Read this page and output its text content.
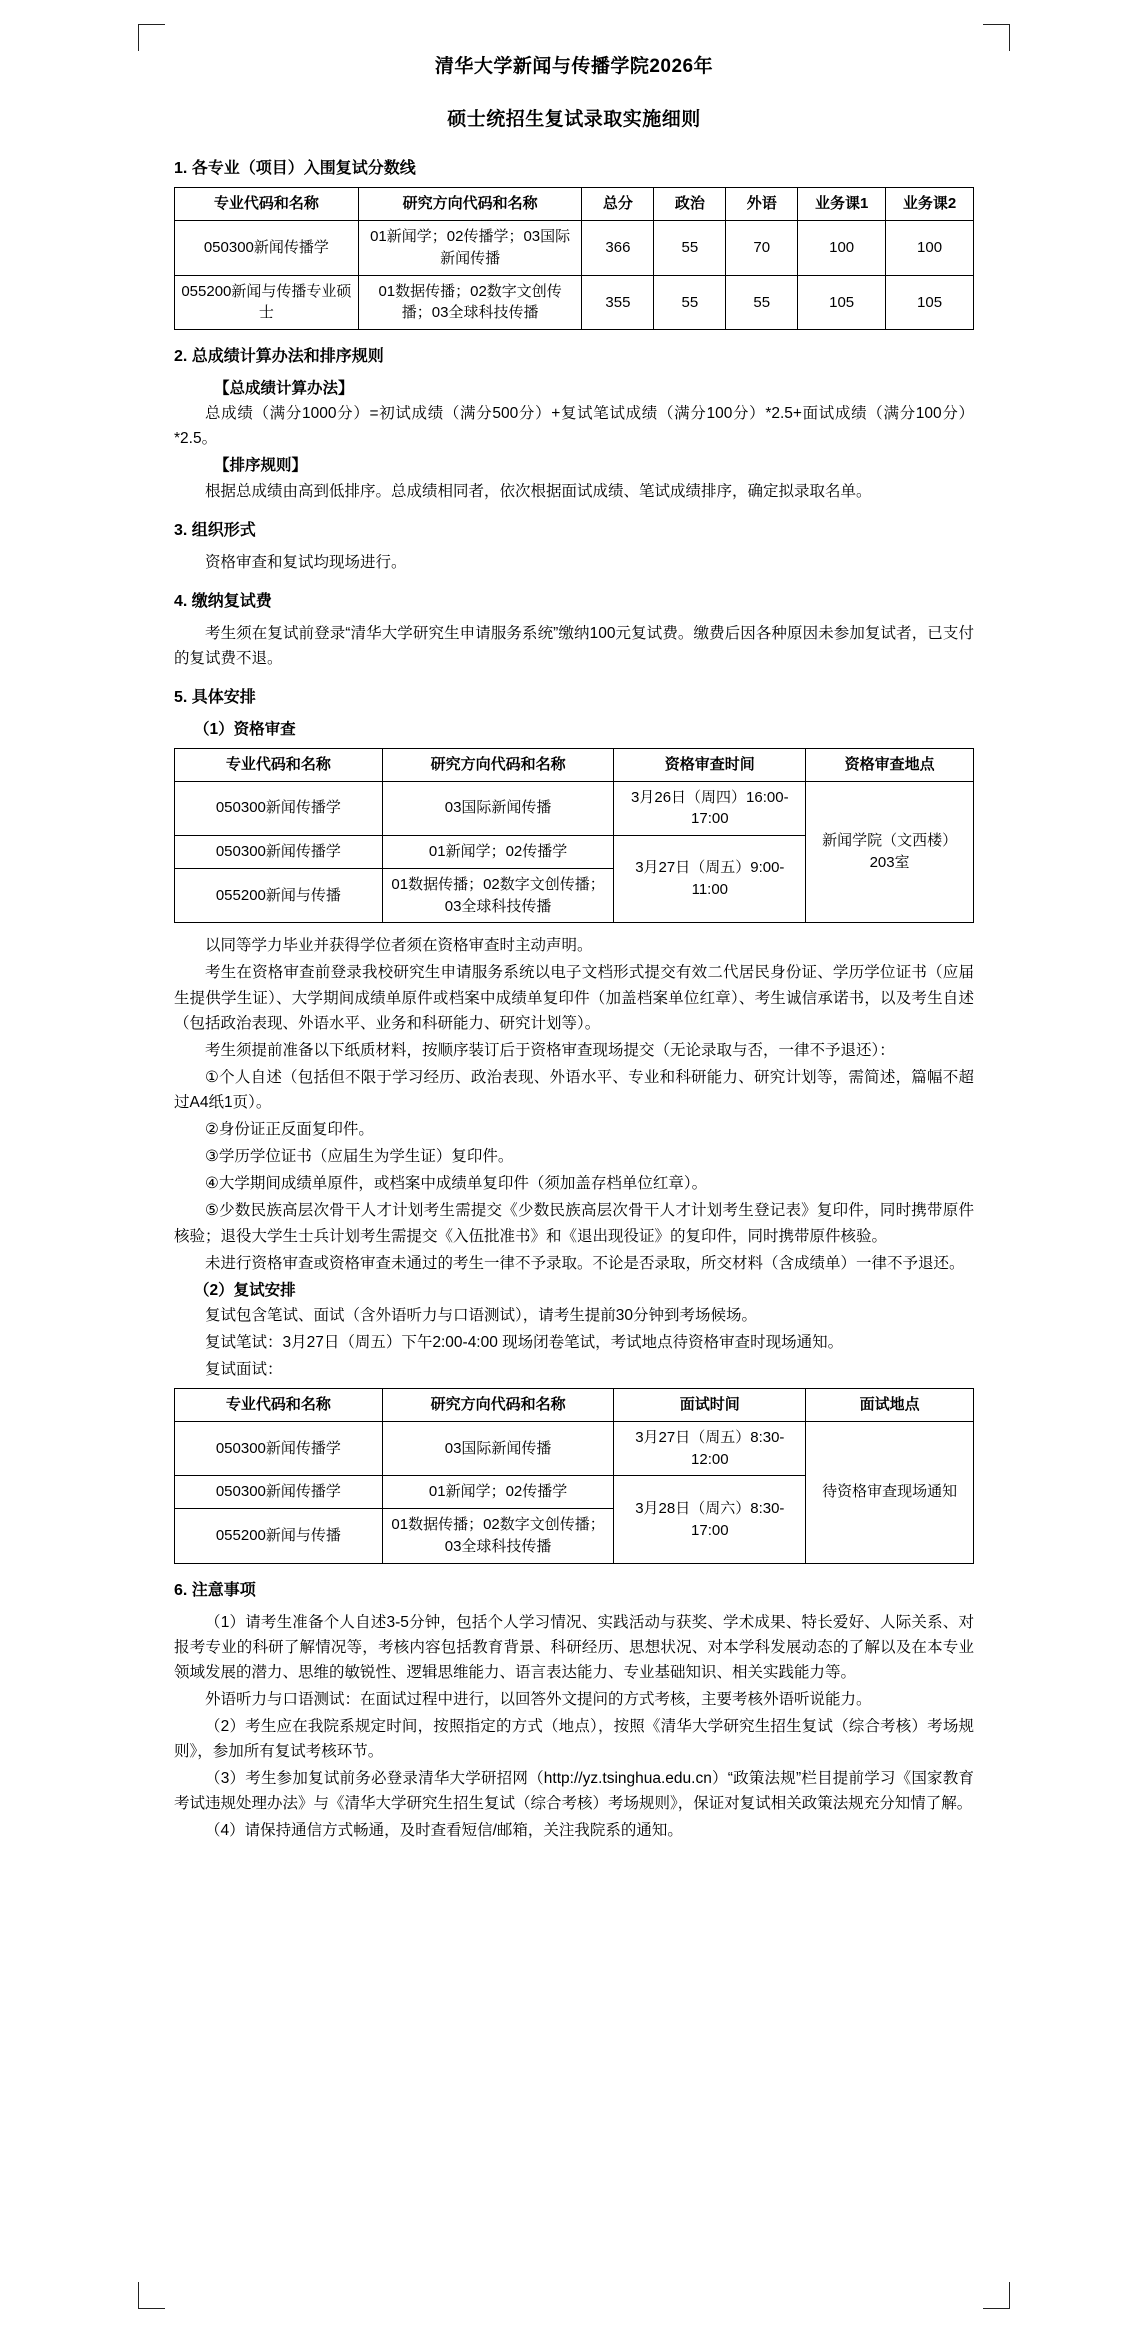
清华大学新闻与传播学院2026年
硕士统招生复试录取实施细则
1. 各专业（项目）入围复试分数线
专业代码和名称	研究方向代码和名称	总分	政治	外语	业务课1	业务课2
050300新闻传播学	01新闻学；02传播学；03国际新闻传播	366	55	70	100	100
055200新闻与传播专业硕士	01数据传播；02数字文创传播；03全球科技传播	355	55	55	105	105
2. 总成绩计算办法和排序规则
【总成绩计算办法】

总成绩（满分1000分）=初试成绩（满分500分）+复试笔试成绩（满分100分）*2.5+面试成绩（满分100分）*2.5。

【排序规则】

根据总成绩由高到低排序。总成绩相同者，依次根据面试成绩、笔试成绩排序，确定拟录取名单。

3. 组织形式

资格审查和复试均现场进行。

4. 缴纳复试费

考生须在复试前登录“清华大学研究生申请服务系统”缴纳100元复试费。缴费后因各种原因未参加复试者，已支付的复试费不退。

5. 具体安排
（1）资格审查
专业代码和名称	研究方向代码和名称	资格审查时间	资格审查地点
050300新闻传播学	03国际新闻传播	3月26日（周四）16:00-17:00	新闻学院（文西楼）203室
050300新闻传播学	01新闻学；02传播学	3月27日（周五）9:00-11:00	
055200新闻与传播	01数据传播；02数字文创传播；03全球科技传播		

以同等学力毕业并获得学位者须在资格审查时主动声明。

考生在资格审查前登录我校研究生申请服务系统以电子文档形式提交有效二代居民身份证、学历学位证书（应届生提供学生证）、大学期间成绩单原件或档案中成绩单复印件（加盖档案单位红章）、考生诚信承诺书，以及考生自述（包括政治表现、外语水平、业务和科研能力、研究计划等）。

考生须提前准备以下纸质材料，按顺序装订后于资格审查现场提交（无论录取与否，一律不予退还）：

①个人自述（包括但不限于学习经历、政治表现、外语水平、专业和科研能力、研究计划等，需简述，篇幅不超过A4纸1页）。

②身份证正反面复印件。

③学历学位证书（应届生为学生证）复印件。

④大学期间成绩单原件，或档案中成绩单复印件（须加盖存档单位红章）。

⑤少数民族高层次骨干人才计划考生需提交《少数民族高层次骨干人才计划考生登记表》复印件，同时携带原件核验；退役大学生士兵计划考生需提交《入伍批准书》和《退出现役证》的复印件，同时携带原件核验。

未进行资格审查或资格审查未通过的考生一律不予录取。不论是否录取，所交材料（含成绩单）一律不予退还。

（2）复试安排

复试包含笔试、面试（含外语听力与口语测试），请考生提前30分钟到考场候场。

复试笔试：3月27日（周五）下午2:00-4:00 现场闭卷笔试，考试地点待资格审查时现场通知。

复试面试：

专业代码和名称	研究方向代码和名称	面试时间	面试地点
050300新闻传播学	03国际新闻传播	3月27日（周五）8:30-12:00	待资格审查现场通知
050300新闻传播学	01新闻学；02传播学	3月28日（周六）8:30-17:00	
055200新闻与传播	01数据传播；02数字文创传播；03全球科技传播		
6. 注意事项

（1）请考生准备个人自述3-5分钟，包括个人学习情况、实践活动与获奖、学术成果、特长爱好、人际关系、对报考专业的科研了解情况等，考核内容包括教育背景、科研经历、思想状况、对本学科发展动态的了解以及在本专业领域发展的潜力、思维的敏锐性、逻辑思维能力、语言表达能力、专业基础知识、相关实践能力等。

外语听力与口语测试：在面试过程中进行，以回答外文提问的方式考核，主要考核外语听说能力。

（2）考生应在我院系规定时间，按照指定的方式（地点），按照《清华大学研究生招生复试（综合考核）考场规则》，参加所有复试考核环节。

（3）考生参加复试前务必登录清华大学研招网（http://yz.tsinghua.edu.cn）“政策法规”栏目提前学习《国家教育考试违规处理办法》与《清华大学研究生招生复试（综合考核）考场规则》，保证对复试相关政策法规充分知情了解。

（4）请保持通信方式畅通，及时查看短信/邮箱，关注我院系的通知。
